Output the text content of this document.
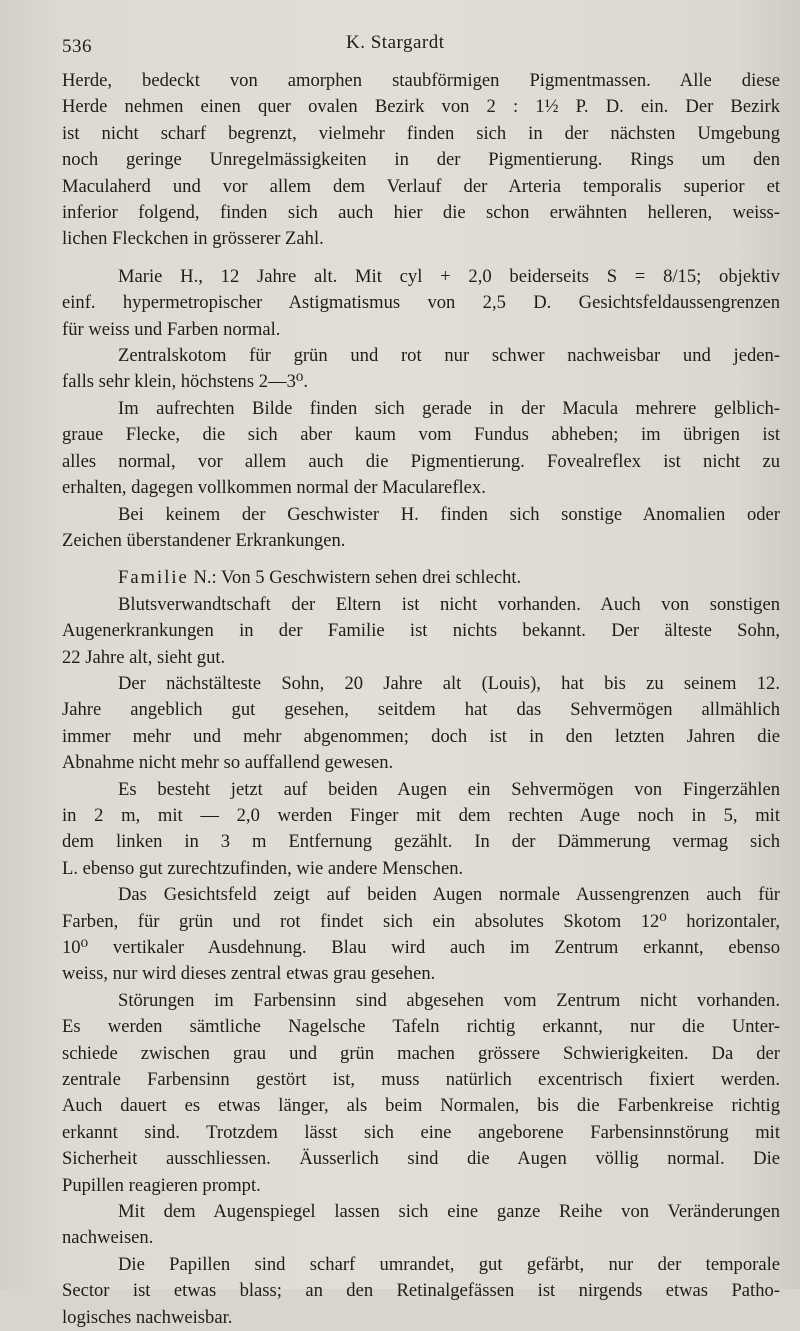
536	K. Stargardt
Herde, bedeckt von amorphen staubförmigen Pigmentmassen. Alle diese
Herde nehmen einen quer ovalen Bezirk von 2 : 1½ P. D. ein. Der Bezirk
ist nicht scharf begrenzt, vielmehr finden sich in der nächsten Umgebung
noch geringe Unregelmässigkeiten in der Pigmentierung. Rings um den
Maculaherd und vor allem dem Verlauf der Arteria temporalis superior et
inferior folgend, finden sich auch hier die schon erwähnten helleren, weiss-
lichen Fleckchen in grösserer Zahl.
Marie H., 12 Jahre alt. Mit cyl + 2,0 beiderseits S = 8/15; objektiv
einf. hypermetropischer Astigmatismus von 2,5 D. Gesichtsfeldaussengrenzen
für weiss und Farben normal.
Zentralskotom für grün und rot nur schwer nachweisbar und jeden-
falls sehr klein, höchstens 2—3⁰.
Im aufrechten Bilde finden sich gerade in der Macula mehrere gelblich-
graue Flecke, die sich aber kaum vom Fundus abheben; im übrigen ist
alles normal, vor allem auch die Pigmentierung. Fovealreflex ist nicht zu
erhalten, dagegen vollkommen normal der Maculareflex.
Bei keinem der Geschwister H. finden sich sonstige Anomalien oder
Zeichen überstandener Erkrankungen.
Familie N.: Von 5 Geschwistern sehen drei schlecht.
Blutsverwandtschaft der Eltern ist nicht vorhanden. Auch von sonstigen
Augenerkrankungen in der Familie ist nichts bekannt. Der älteste Sohn,
22 Jahre alt, sieht gut.
Der nächstälteste Sohn, 20 Jahre alt (Louis), hat bis zu seinem 12.
Jahre angeblich gut gesehen, seitdem hat das Sehvermögen allmählich
immer mehr und mehr abgenommen; doch ist in den letzten Jahren die
Abnahme nicht mehr so auffallend gewesen.
Es besteht jetzt auf beiden Augen ein Sehvermögen von Fingerzählen
in 2 m, mit — 2,0 werden Finger mit dem rechten Auge noch in 5, mit
dem linken in 3 m Entfernung gezählt. In der Dämmerung vermag sich
L. ebenso gut zurechtzufinden, wie andere Menschen.
Das Gesichtsfeld zeigt auf beiden Augen normale Aussengrenzen auch für
Farben, für grün und rot findet sich ein absolutes Skotom 12⁰ horizontaler,
10⁰ vertikaler Ausdehnung. Blau wird auch im Zentrum erkannt, ebenso
weiss, nur wird dieses zentral etwas grau gesehen.
Störungen im Farbensinn sind abgesehen vom Zentrum nicht vorhanden.
Es werden sämtliche Nagelsche Tafeln richtig erkannt, nur die Unter-
schiede zwischen grau und grün machen grössere Schwierigkeiten. Da der
zentrale Farbensinn gestört ist, muss natürlich excentrisch fixiert werden.
Auch dauert es etwas länger, als beim Normalen, bis die Farbenkreise richtig
erkannt sind. Trotzdem lässt sich eine angeborene Farbensinnstörung mit
Sicherheit ausschliessen. Äusserlich sind die Augen völlig normal. Die
Pupillen reagieren prompt.
Mit dem Augenspiegel lassen sich eine ganze Reihe von Veränderungen
nachweisen.
Die Papillen sind scharf umrandet, gut gefärbt, nur der temporale
Sector ist etwas blass; an den Retinalgefässen ist nirgends etwas Patho-
logisches nachweisbar.
